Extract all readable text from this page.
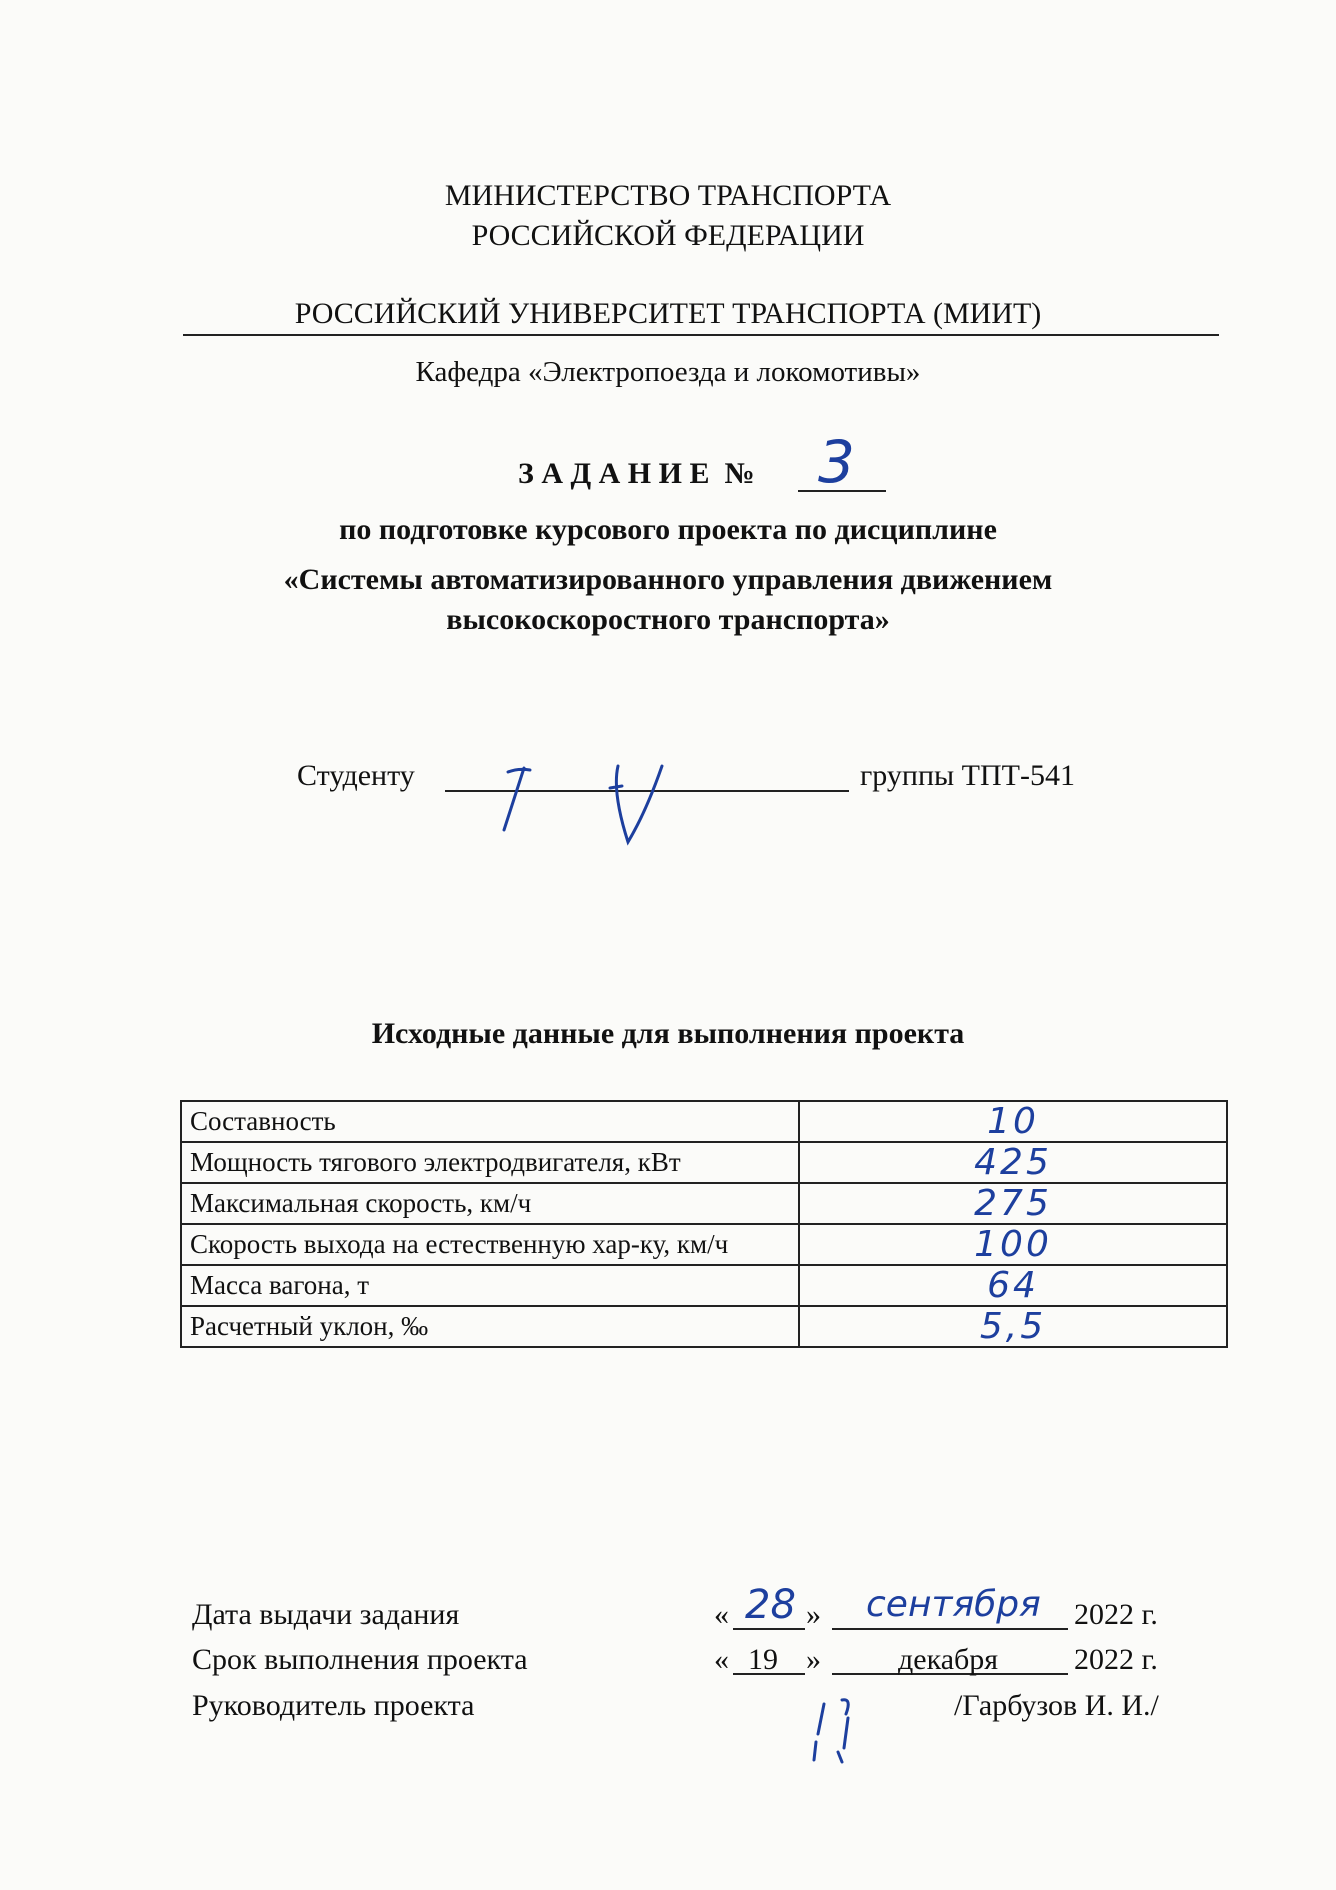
МИНИСТЕРСТВО ТРАНСПОРТА
РОССИЙСКОЙ ФЕДЕРАЦИИ
РОССИЙСКИЙ УНИВЕРСИТЕТ ТРАНСПОРТА (МИИТ)
Кафедра «Электропоезда и локомотивы»
З А Д А Н И Е  № 3
по подготовке курсового проекта по дисциплине
«Системы автоматизированного управления движением
высокоскоростного транспорта»
Студенту	группы ТПТ-541
Исходные данные для выполнения проекта
Составность	10
Мощность тягового электродвигателя, кВт	425
Максимальная скорость, км/ч	275
Скорость выхода на естественную хар-ку, км/ч	100
Масса вагона, т	64
Расчетный уклон, ‰	5,5
Дата выдачи задания	« 28 » сентября 2022 г.
Срок выполнения проекта	« 19 »	декабря	2022 г.
Руководитель проекта	/Гарбузов И. И./
